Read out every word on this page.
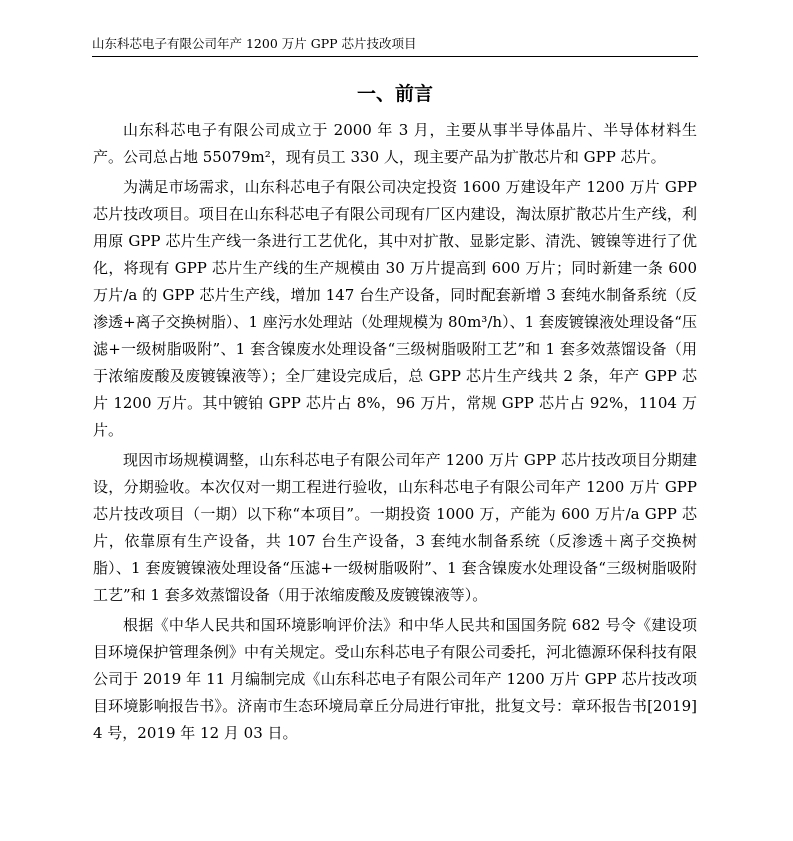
山东科芯电子有限公司年产 1200 万片 GPP 芯片技改项目
一、前言

山东科芯电子有限公司成立于 2000 年 3 月，主要从事半导体晶片、半导体材料生产。公司总占地 55079m²，现有员工 330 人，现主要产品为扩散芯片和 GPP 芯片。

为满足市场需求，山东科芯电子有限公司决定投资 1600 万建设年产 1200 万片 GPP 芯片技改项目。项目在山东科芯电子有限公司现有厂区内建设，淘汰原扩散芯片生产线，利用原 GPP 芯片生产线一条进行工艺优化，其中对扩散、显影定影、清洗、镀镍等进行了优化，将现有 GPP 芯片生产线的生产规模由 30 万片提高到 600 万片；同时新建一条 600 万片/a 的 GPP 芯片生产线，增加 147 台生产设备，同时配套新增 3 套纯水制备系统（反渗透+离子交换树脂）、1 座污水处理站（处理规模为 80m³/h）、1 套废镀镍液处理设备“压滤+一级树脂吸附”、1 套含镍废水处理设备“三级树脂吸附工艺”和 1 套多效蒸馏设备（用于浓缩废酸及废镀镍液等）；全厂建设完成后，总 GPP 芯片生产线共 2 条，年产 GPP 芯片 1200 万片。其中镀铂 GPP 芯片占 8%，96 万片，常规 GPP 芯片占 92%，1104 万片。

现因市场规模调整，山东科芯电子有限公司年产 1200 万片 GPP 芯片技改项目分期建设，分期验收。本次仅对一期工程进行验收，山东科芯电子有限公司年产 1200 万片 GPP 芯片技改项目（一期）以下称“本项目”。一期投资 1000 万，产能为 600 万片/a GPP 芯片，依靠原有生产设备，共 107 台生产设备，3 套纯水制备系统（反渗透＋离子交换树脂）、1 套废镀镍液处理设备“压滤+一级树脂吸附”、1 套含镍废水处理设备“三级树脂吸附工艺”和 1 套多效蒸馏设备（用于浓缩废酸及废镀镍液等）。

根据《中华人民共和国环境影响评价法》和中华人民共和国国务院 682 号令《建设项目环境保护管理条例》中有关规定。受山东科芯电子有限公司委托，河北德源环保科技有限公司于 2019 年 11 月编制完成《山东科芯电子有限公司年产 1200 万片 GPP 芯片技改项目环境影响报告书》。济南市生态环境局章丘分局进行审批，批复文号：章环报告书[2019]4 号，2019 年 12 月 03 日。
